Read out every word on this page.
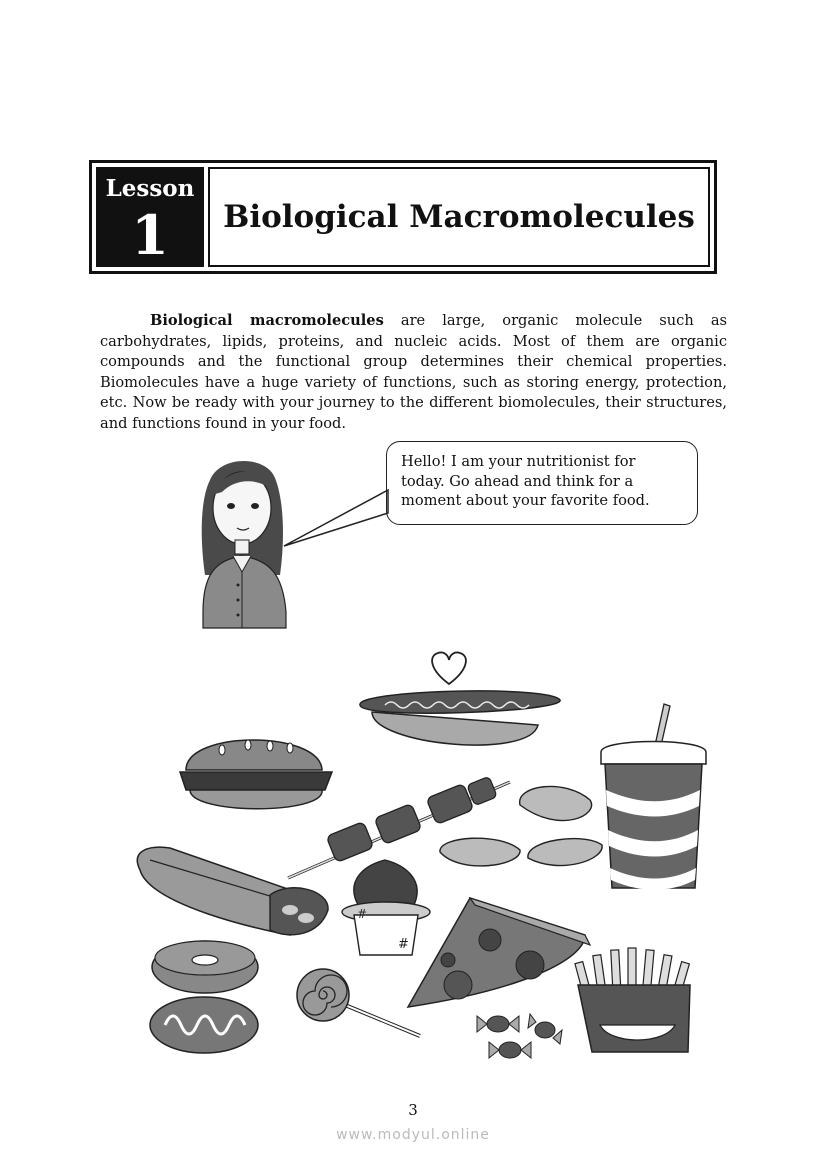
Lesson
1 Biological Macromolecules

Biological macromolecules are large, organic molecule such as carbohydrates, lipids, proteins, and nucleic acids. Most of them are organic compounds and the functional group determines their chemical properties. Biomolecules have a huge variety of functions, such as storing energy, protection, etc. Now be ready with your journey to the different biomolecules, their structures, and functions found in your food.

#
#
Hello! I am your nutritionist for today. Go ahead and think for a moment about your favorite food.
3
www.modyul.online
